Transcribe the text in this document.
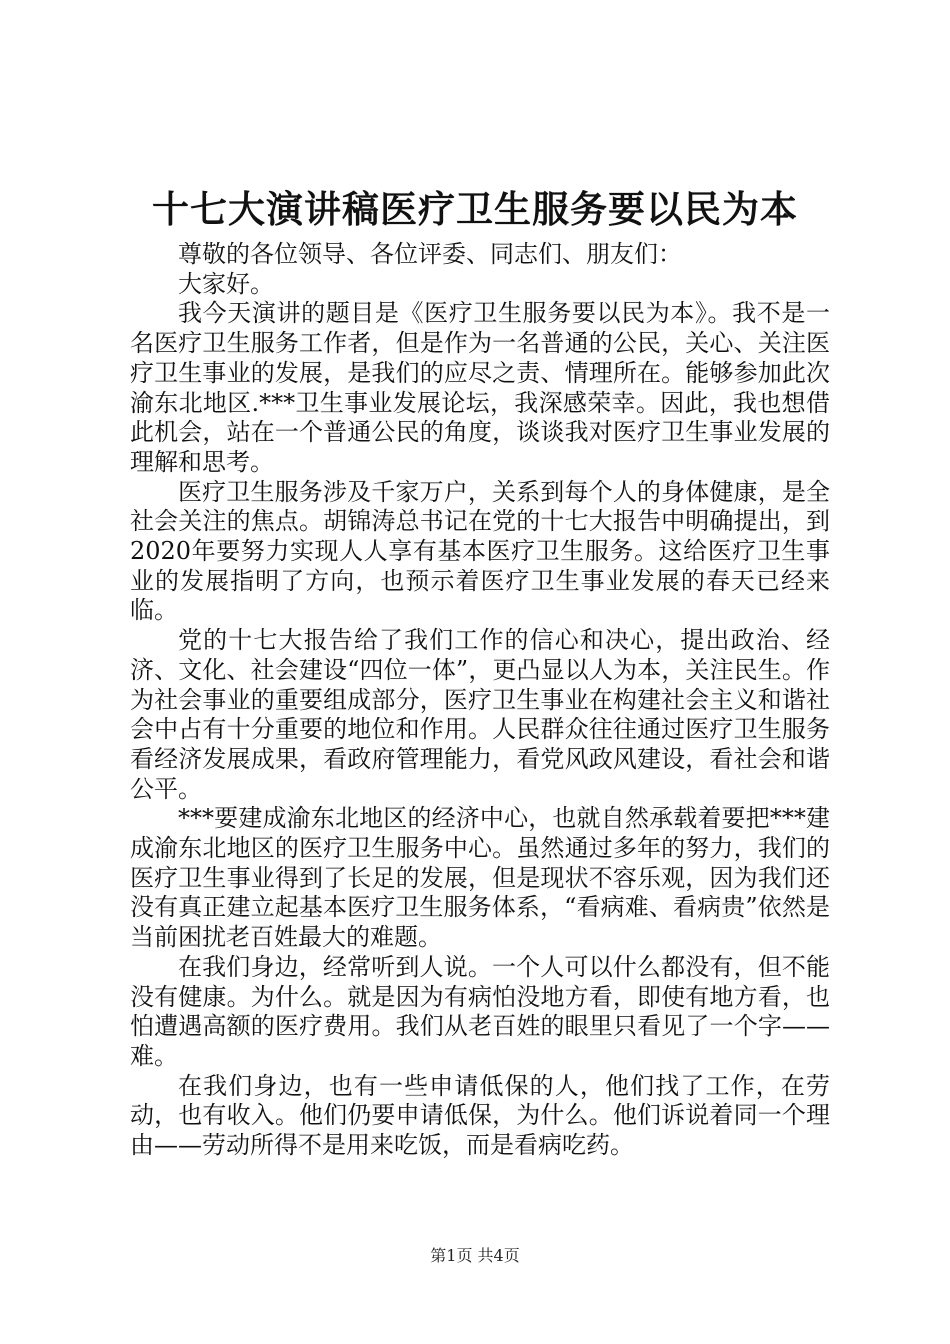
十七大演讲稿医疗卫生服务要以民为本

尊敬的各位领导、各位评委、同志们、朋友们：

大家好。

我今天演讲的题目是《医疗卫生服务要以民为本》。我不是一名医疗卫生服务工作者，但是作为一名普通的公民，关心、关注医疗卫生事业的发展，是我们的应尽之责、情理所在。能够参加此次渝东北地区.***卫生事业发展论坛，我深感荣幸。因此，我也想借此机会，站在一个普通公民的角度，谈谈我对医疗卫生事业发展的理解和思考。

医疗卫生服务涉及千家万户，关系到每个人的身体健康，是全社会关注的焦点。胡锦涛总书记在党的十七大报告中明确提出，到2020年要努力实现人人享有基本医疗卫生服务。这给医疗卫生事业的发展指明了方向，也预示着医疗卫生事业发展的春天已经来临。

党的十七大报告给了我们工作的信心和决心，提出政治、经济、文化、社会建设“四位一体”，更凸显以人为本，关注民生。作为社会事业的重要组成部分，医疗卫生事业在构建社会主义和谐社会中占有十分重要的地位和作用。人民群众往往通过医疗卫生服务看经济发展成果，看政府管理能力，看党风政风建设，看社会和谐公平。

***要建成渝东北地区的经济中心，也就自然承载着要把***建成渝东北地区的医疗卫生服务中心。虽然通过多年的努力，我们的医疗卫生事业得到了长足的发展，但是现状不容乐观，因为我们还没有真正建立起基本医疗卫生服务体系，“看病难、看病贵”依然是当前困扰老百姓最大的难题。

在我们身边，经常听到人说。一个人可以什么都没有，但不能没有健康。为什么。就是因为有病怕没地方看，即使有地方看，也怕遭遇高额的医疗费用。我们从老百姓的眼里只看见了一个字——难。

在我们身边，也有一些申请低保的人，他们找了工作，在劳动，也有收入。他们仍要申请低保，为什么。他们诉说着同一个理由——劳动所得不是用来吃饭，而是看病吃药。

第1页 共4页
